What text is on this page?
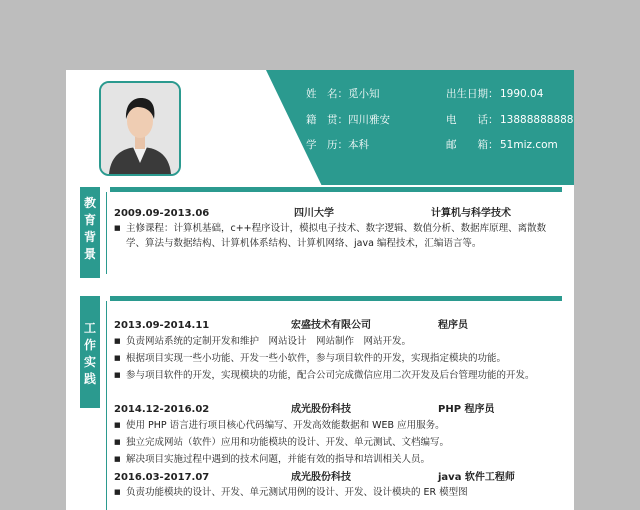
姓　名：觅小知	出生日期： 1990.04
籍　贯：四川雅安	电　　话： 13888888888
学　历：本科	邮　　箱： 51miz.com
教
育
背
景
2009.09-2013.06	四川大学	计算机与科学技术
■ 主修课程：计算机基础，c++程序设计，模拟电子技术、数字逻辑、数值分析、数据库原理、离散数学、算法与数据结构、计算机体系结构、计算机网络、java 编程技术，汇编语言等。
工
作
实
践
2013.09-2014.11	宏盛技术有限公司	程序员
■ 负责网站系统的定制开发和维护　网站设计　网站制作　网站开发。
■ 根据项目实现一些小功能、开发一些小软件，参与项目软件的开发，实现指定模块的功能。
■ 参与项目软件的开发，实现模块的功能，配合公司完成微信应用二次开发及后台管理功能的开发。
2014.12-2016.02	成光股份科技	PHP 程序员
■ 使用 PHP 语言进行项目核心代码编写、开发高效能数据和 WEB 应用服务。
■ 独立完成网站（软件）应用和功能模块的设计、开发、单元测试、文档编写。
■ 解决项目实施过程中遇到的技术问题，并能有效的指导和培训相关人员。
2016.03-2017.07	成光股份科技	java 软件工程师
■ 负责功能模块的设计、开发、单元测试用例的设计、开发、设计模块的 ER 模型图
